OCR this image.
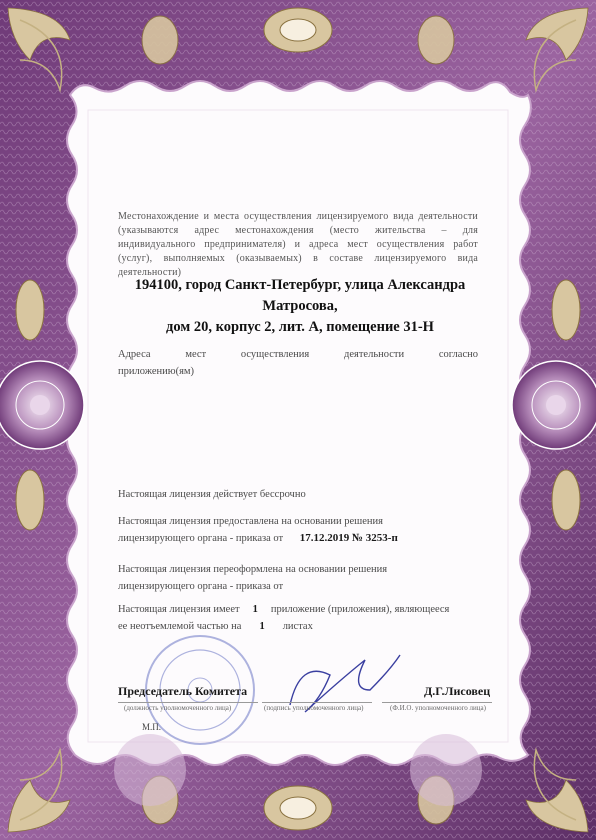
Местонахождение и места осуществления лицензируемого вида деятельности (указываются адрес местонахождения (место жительства – для индивидуального предпринимателя) и адреса мест осуществления работ (услуг), выполняемых (оказываемых) в составе лицензируемого вида деятельности)
194100, город Санкт-Петербург, улица Александра Матросова,
дом 20, корпус 2, лит. А, помещение 31-Н
Адреса мест осуществления деятельности согласно
приложению(ям)
Настоящая лицензия действует бессрочно
Настоящая лицензия предоставлена на основании решения
лицензирующего органа - приказа от 17.12.2019 № 3253-п
Настоящая лицензия переоформлена на основании решения
лицензирующего органа - приказа от
Настоящая лицензия имеет 1 приложение (приложения), являющееся
ее неотъемлемой частью на 1 листах
Председатель Комитета	Д.Г.Лисовец
(должность уполномоченного лица)	(подпись уполномоченного лица)	(Ф.И.О. уполномоченного лица)
М.П.
